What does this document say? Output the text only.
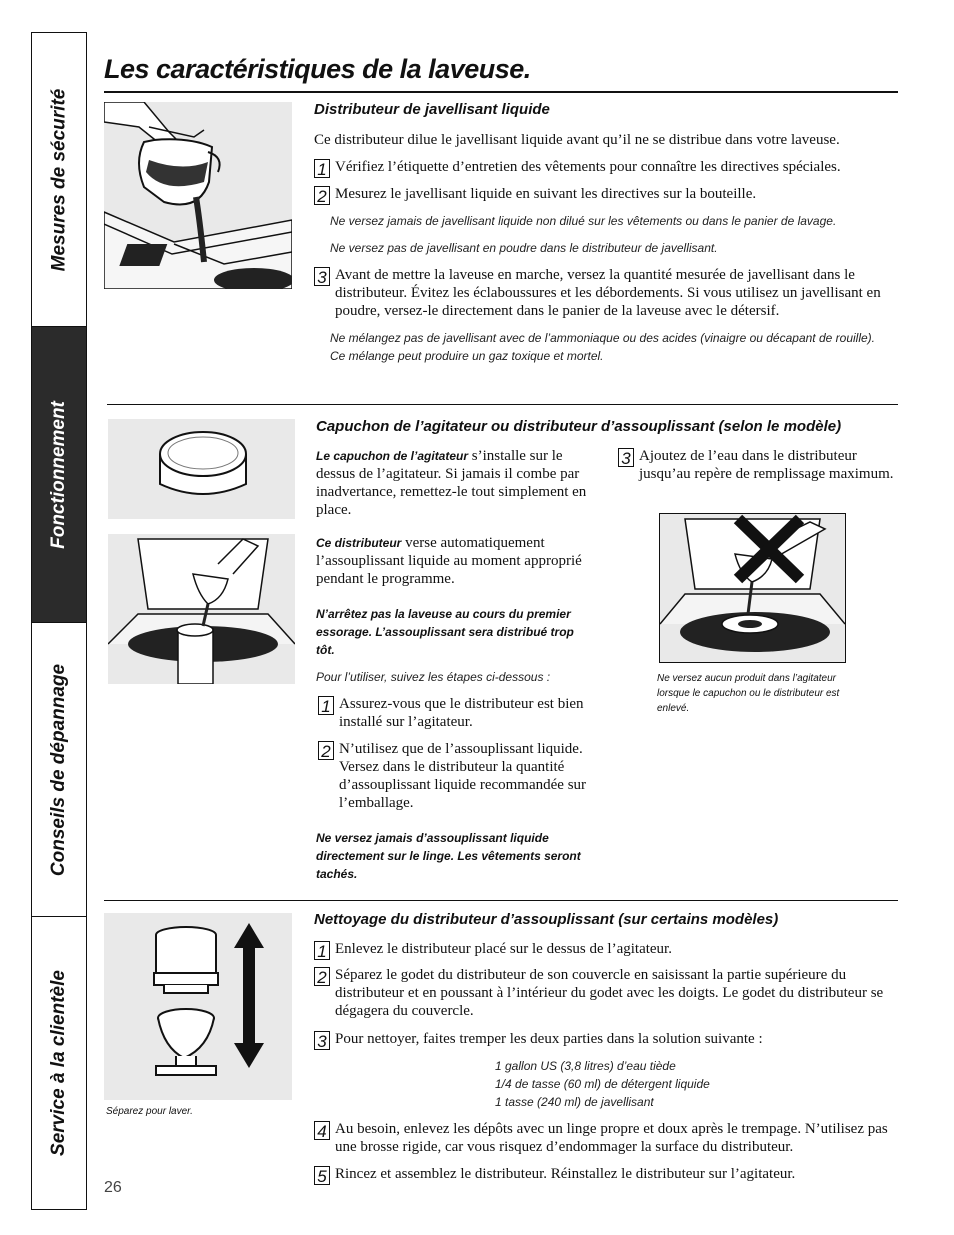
Mesures de sécurité
Fonctionnement
Conseils de dépannage
Service à la clientèle
Les caractéristiques de la laveuse.
Distributeur de javellisant liquide
Ce distributeur dilue le javellisant liquide avant qu’il ne se distribue dans votre laveuse.
1 Vérifiez l’étiquette d’entretien des vêtements pour connaître les directives spéciales.
2 Mesurez le javellisant liquide en suivant les directives sur la bouteille.
Ne versez jamais de javellisant liquide non dilué sur les vêtements ou dans le panier de lavage.
Ne versez pas de javellisant en poudre dans le distributeur de javellisant.
3 Avant de mettre la laveuse en marche, versez la quantité mesurée de javellisant dans le distributeur. Évitez les éclaboussures et les débordements. Si vous utilisez un javellisant en poudre, versez-le directement dans le panier de la laveuse avec le détersif.
Ne mélangez pas de javellisant avec de l’ammoniaque ou des acides (vinaigre ou décapant de rouille). Ce mélange peut produire un gaz toxique et mortel.
Capuchon de l’agitateur ou distributeur d’assouplissant (selon le modèle)
Le capuchon de l’agitateur s’installe sur le dessus de l’agitateur. Si jamais il combe par inadvertance, remettez-le tout simplement en place.
Ce distributeur verse automatiquement l’assouplissant liquide au moment approprié pendant le programme.
N’arrêtez pas la laveuse au cours du premier essorage. L’assouplissant sera distribué trop tôt.
Pour l’utiliser, suivez les étapes ci-dessous :
1 Assurez-vous que le distributeur est bien installé sur l’agitateur.
2 N’utilisez que de l’assouplissant liquide. Versez dans le distributeur la quantité d’assouplissant liquide recommandée sur l’emballage.
Ne versez jamais d’assouplissant liquide directement sur le linge. Les vêtements seront tachés.
3 Ajoutez de l’eau dans le distributeur jusqu’au repère de remplissage maximum.
Ne versez aucun produit dans l’agitateur lorsque le capuchon ou le distributeur est enlevé.
Nettoyage du distributeur d’assouplissant (sur certains modèles)
Séparez pour laver.
1 Enlevez le distributeur placé sur le dessus de l’agitateur.
2 Séparez le godet du distributeur de son couvercle en saisissant la partie supérieure du distributeur et en poussant à l’intérieur du godet avec les doigts. Le godet du distributeur se dégagera du couvercle.
3 Pour nettoyer, faites tremper les deux parties dans la solution suivante :
1 gallon US (3,8 litres) d’eau tiède
1/4 de tasse (60 ml) de détergent liquide
1 tasse (240 ml) de javellisant
4 Au besoin, enlevez les dépôts avec un linge propre et doux après le trempage. N’utilisez pas une brosse rigide, car vous risquez d’endommager la surface du distributeur.
5 Rincez et assemblez le distributeur. Réinstallez le distributeur sur l’agitateur.
26
